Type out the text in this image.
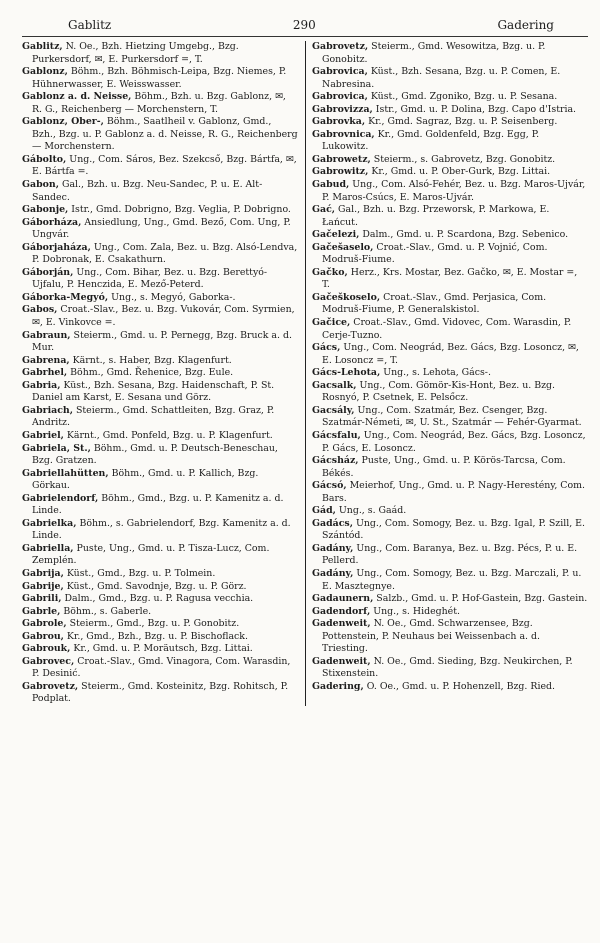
Gablitz	290	Gadering
Gablitz, N. Oe., Bzh. Hietzing Umgebg., Bzg. Purkersdorf, ✉, E. Purkersdorf =, T.
Gablonz, Böhm., Bzh. Böhmisch-Leipa, Bzg. Niemes, P. Hühnerwasser, E. Weisswasser.
Gablonz a. d. Neisse, Böhm., Bzh. u. Bzg. Gablonz, ✉, R. G., Reichenberg — Morchenstern, T.
Gablonz, Ober-, Böhm., Saatlheil v. Gablonz, Gmd., Bzh., Bzg. u. P. Gablonz a. d. Neisse, R. G., Reichenberg — Morchenstern.
Gábolto, Ung., Com. Sáros, Bez. Szekcső, Bzg. Bártfa, ✉, E. Bártfa =.
Gabon, Gal., Bzh. u. Bzg. Neu-Sandec, P. u. E. Alt-Sandec.
Gabonje, Istr., Gmd. Dobrigno, Bzg. Veglia, P. Dobrigno.
Gáborháza, Ansiedlung, Ung., Gmd. Bező, Com. Ung, P. Ungvár.
Gáborjaháza, Ung., Com. Zala, Bez. u. Bzg. Alsó-Lendva, P. Dobronak, E. Csakathurn.
Gáborján, Ung., Com. Bihar, Bez. u. Bzg. Berettyó-Ujfalu, P. Henczida, E. Mező-Peterd.
Gáborka-Megyó, Ung., s. Megyó, Gaborka-.
Gabos, Croat.-Slav., Bez. u. Bzg. Vukovár, Com. Syrmien, ✉, E. Vinkovce =.
Gabraun, Steierm., Gmd. u. P. Pernegg, Bzg. Bruck a. d. Mur.
Gabrena, Kärnt., s. Haber, Bzg. Klagenfurt.
Gabrhel, Böhm., Gmd. Řehenice, Bzg. Eule.
Gabria, Küst., Bzh. Sesana, Bzg. Haidenschaft, P. St. Daniel am Karst, E. Sesana und Görz.
Gabriach, Steierm., Gmd. Schattleiten, Bzg. Graz, P. Andritz.
Gabriel, Kärnt., Gmd. Ponfeld, Bzg. u. P. Klagenfurt.
Gabriela, St., Böhm., Gmd. u. P. Deutsch-Beneschau, Bzg. Gratzen.
Gabriellahütten, Böhm., Gmd. u. P. Kallich, Bzg. Görkau.
Gabrielendorf, Böhm., Gmd., Bzg. u. P. Kamenitz a. d. Linde.
Gabrielka, Böhm., s. Gabrielendorf, Bzg. Kamenitz a. d. Linde.
Gabriella, Puste, Ung., Gmd. u. P. Tisza-Lucz, Com. Zemplén.
Gabrija, Küst., Gmd., Bzg. u. P. Tolmein.
Gabrije, Küst., Gmd. Savodnje, Bzg. u. P. Görz.
Gabrili, Dalm., Gmd., Bzg. u. P. Ragusa vecchia.
Gabrle, Böhm., s. Gaberle.
Gabrole, Steierm., Gmd., Bzg. u. P. Gonobitz.
Gabrou, Kr., Gmd., Bzh., Bzg. u. P. Bischoflack.
Gabrouk, Kr., Gmd. u. P. Moräutsch, Bzg. Littai.
Gabrovec, Croat.-Slav., Gmd. Vinagora, Com. Warasdin, P. Desinić.
Gabrovetz, Steierm., Gmd. Kosteinitz, Bzg. Rohitsch, P. Podplat.
Gabrovetz, Steierm., Gmd. Wesowitza, Bzg. u. P. Gonobitz.
Gabrovica, Küst., Bzh. Sesana, Bzg. u. P. Comen, E. Nabresina.
Gabrovica, Küst., Gmd. Zgoniko, Bzg. u. P. Sesana.
Gabrovizza, Istr., Gmd. u. P. Dolina, Bzg. Capo d'Istria.
Gabrovka, Kr., Gmd. Sagraz, Bzg. u. P. Seisenberg.
Gabrovnica, Kr., Gmd. Goldenfeld, Bzg. Egg, P. Lukowitz.
Gabrowetz, Steierm., s. Gabrovetz, Bzg. Gonobitz.
Gabrowitz, Kr., Gmd. u. P. Ober-Gurk, Bzg. Littai.
Gabud, Ung., Com. Alsó-Fehér, Bez. u. Bzg. Maros-Ujvár, P. Maros-Csúcs, E. Maros-Ujvár.
Gać, Gal., Bzh. u. Bzg. Przeworsk, P. Markowa, E. Łańcut.
Gačelezi, Dalm., Gmd. u. P. Scardona, Bzg. Sebenico.
Gačešaselo, Croat.-Slav., Gmd. u. P. Vojnić, Com. Modruš-Fiume.
Gačko, Herz., Krs. Mostar, Bez. Gačko, ✉, E. Mostar =, T.
Gačeškoselo, Croat.-Slav., Gmd. Perjasica, Com. Modruš-Fiume, P. Generalskistol.
Gačice, Croat.-Slav., Gmd. Vidovec, Com. Warasdin, P. Cerje-Tuzno.
Gács, Ung., Com. Neográd, Bez. Gács, Bzg. Losoncz, ✉, E. Losoncz =, T.
Gács-Lehota, Ung., s. Lehota, Gács-.
Gacsalk, Ung., Com. Gömör-Kis-Hont, Bez. u. Bzg. Rosnyó, P. Csetnek, E. Pelsőcz.
Gacsály, Ung., Com. Szatmár, Bez. Csenger, Bzg. Szatmár-Németi, ✉, U. St., Szatmár — Fehér-Gyarmat.
Gácsfalu, Ung., Com. Neográd, Bez. Gács, Bzg. Losoncz, P. Gács, E. Losoncz.
Gácsház, Puste, Ung., Gmd. u. P. Körös-Tarcsa, Com. Békés.
Gácsó, Meierhof, Ung., Gmd. u. P. Nagy-Herestény, Com. Bars.
Gád, Ung., s. Gaád.
Gadács, Ung., Com. Somogy, Bez. u. Bzg. Igal, P. Szill, E. Szántód.
Gadány, Ung., Com. Baranya, Bez. u. Bzg. Pécs, P. u. E. Pellerd.
Gadány, Ung., Com. Somogy, Bez. u. Bzg. Marczali, P. u. E. Masztegnye.
Gadaunern, Salzb., Gmd. u. P. Hof-Gastein, Bzg. Gastein.
Gadendorf, Ung., s. Hideghét.
Gadenweit, N. Oe., Gmd. Schwarzensee, Bzg. Pottenstein, P. Neuhaus bei Weissenbach a. d. Triesting.
Gadenweit, N. Oe., Gmd. Sieding, Bzg. Neukirchen, P. Stixenstein.
Gadering, O. Oe., Gmd. u. P. Hohenzell, Bzg. Ried.
